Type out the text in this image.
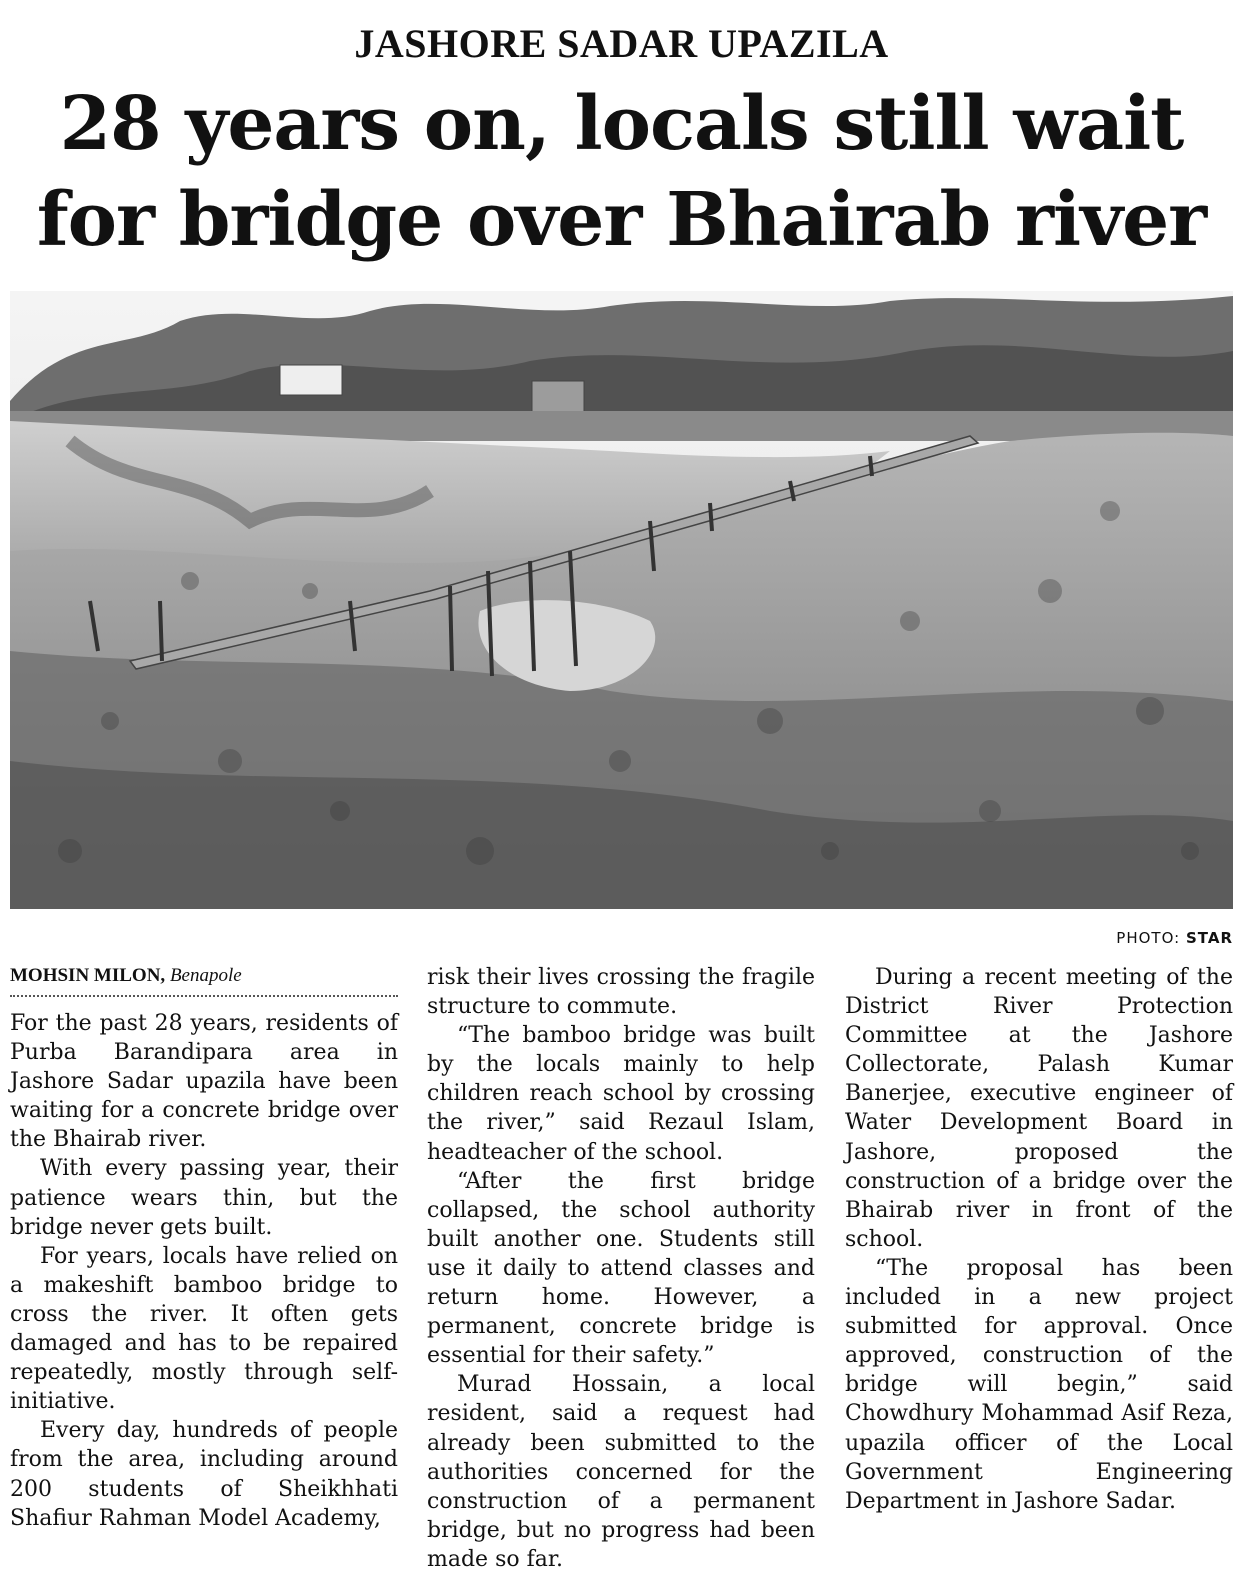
JASHORE SADAR UPAZILA
28 years on, locals still wait
for bridge over Bhairab river
PHOTO: STAR
MOHSIN MILON, Benapole

For the past 28 years, residents of Purba Barandipara area in Jashore Sadar upazila have been waiting for a concrete bridge over the Bhairab river.

With every passing year, their patience wears thin, but the bridge never gets built.

For years, locals have relied on a makeshift bamboo bridge to cross the river. It often gets damaged and has to be repaired repeatedly, mostly through self-initiative.

Every day, hundreds of people from the area, including around 200 students of Sheikhhati Shafiur Rahman Model Academy,

risk their lives crossing the fragile structure to commute.

“The bamboo bridge was built by the locals mainly to help children reach school by crossing the river,” said Rezaul Islam, headteacher of the school.

“After the first bridge collapsed, the school authority built another one. Students still use it daily to attend classes and return home. However, a permanent, concrete bridge is essential for their safety.”

Murad Hossain, a local resident, said a request had already been submitted to the authorities concerned for the construction of a permanent bridge, but no progress had been made so far.

During a recent meeting of the District River Protection Committee at the Jashore Collectorate, Palash Kumar Banerjee, executive engineer of Water Development Board in Jashore, proposed the construction of a bridge over the Bhairab river in front of the school.

“The proposal has been included in a new project submitted for approval. Once approved, construction of the bridge will begin,” said Chowdhury Mohammad Asif Reza, upazila officer of the Local Government Engineering Department in Jashore Sadar.
